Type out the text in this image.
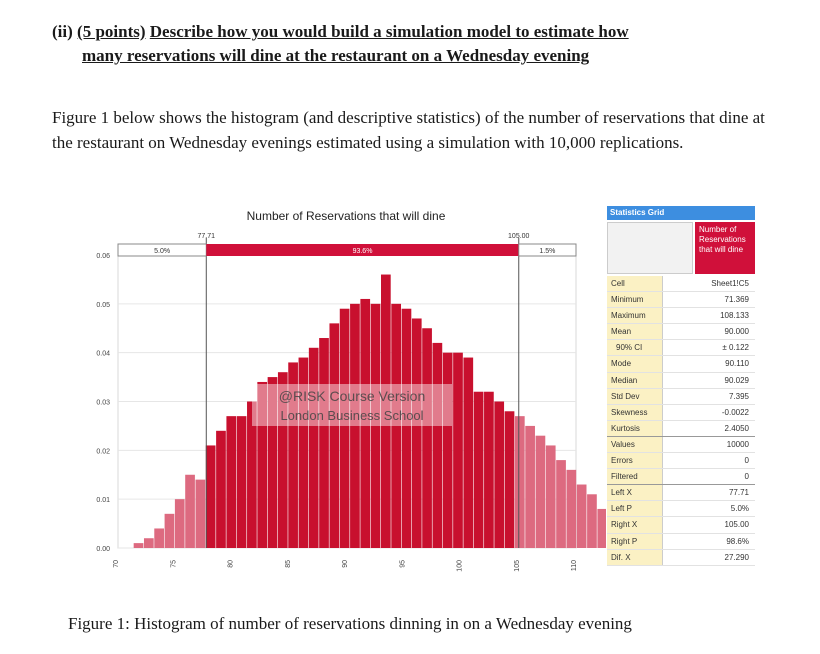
(ii) (5 points) Describe how you would build a simulation model to estimate how
many reservations will dine at the restaurant on a Wednesday evening
Figure 1 below shows the histogram (and descriptive statistics) of the number of reservations that dine at the restaurant on Wednesday evenings estimated using a simulation with 10,000 replications.
Number of Reservations that will dine
0.00
0.01
0.02
0.03
0.04
0.05
0.06
70	75	80	85	90	95	100	105	110
5.0%	93.6%	1.5%
77.71	105.00
@RISK Course Version
London Business School
Statistics Grid
Number of Reservations that will dine
Cell	Sheet1!C5
Minimum	71.369
Maximum	108.133
Mean	90.000
90% CI	± 0.122
Mode	90.110
Median	90.029
Std Dev	7.395
Skewness	-0.0022
Kurtosis	2.4050
Values	10000
Errors	0
Filtered	0
Left X	77.71
Left P	5.0%
Right X	105.00
Right P	98.6%
Dif. X	27.290
Figure 1: Histogram of number of reservations dinning in on a Wednesday evening
